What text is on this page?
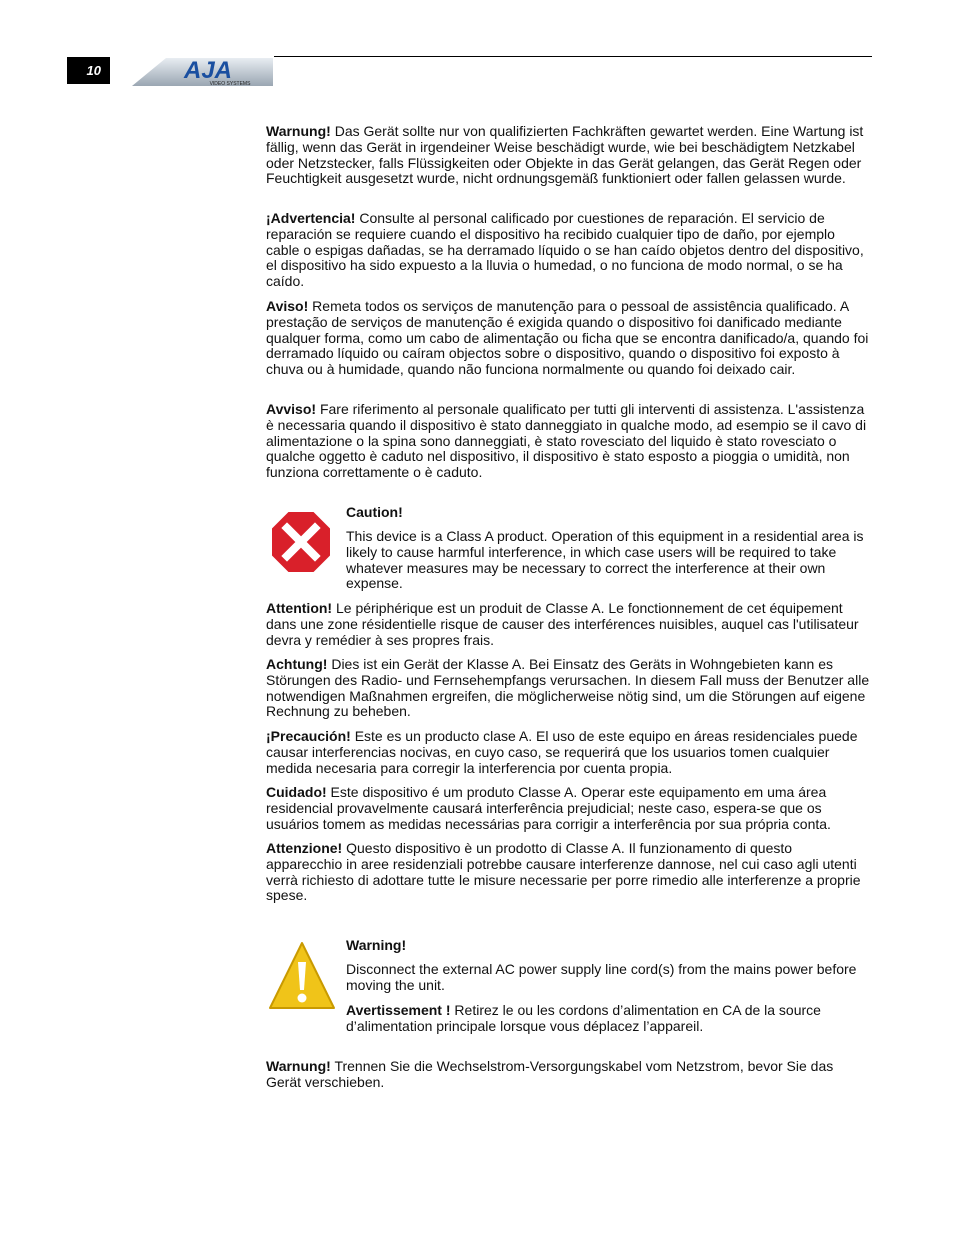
10	AJA
VIDEO SYSTEMS

Warnung! Das Gerät sollte nur von qualifizierten Fachkräften gewartet werden. Eine Wartung ist fällig, wenn das Gerät in irgendeiner Weise beschädigt wurde, wie bei beschädigtem Netzkabel oder Netzstecker, falls Flüssigkeiten oder Objekte in das Gerät gelangen, das Gerät Regen oder Feuchtigkeit ausgesetzt wurde, nicht ordnungsgemäß funktioniert oder fallen gelassen wurde.

¡Advertencia! Consulte al personal calificado por cuestiones de reparación. El servicio de reparación se requiere cuando el dispositivo ha recibido cualquier tipo de daño, por ejemplo cable o espigas dañadas, se ha derramado líquido o se han caído objetos dentro del dispositivo, el dispositivo ha sido expuesto a la lluvia o humedad, o no funciona de modo normal, o se ha caído.

Aviso! Remeta todos os serviços de manutenção para o pessoal de assistência qualificado. A prestação de serviços de manutenção é exigida quando o dispositivo foi danificado mediante qualquer forma, como um cabo de alimentação ou ficha que se encontra danificado/a, quando foi derramado líquido ou caíram objectos sobre o dispositivo, quando o dispositivo foi exposto à chuva ou à humidade, quando não funciona normalmente ou quando foi deixado cair.

Avviso! Fare riferimento al personale qualificato per tutti gli interventi di assistenza. L'assistenza è necessaria quando il dispositivo è stato danneggiato in qualche modo, ad esempio se il cavo di alimentazione o la spina sono danneggiati, è stato rovesciato del liquido è stato rovesciato o qualche oggetto è caduto nel dispositivo, il dispositivo è stato esposto a pioggia o umidità, non funziona correttamente o è caduto.

Caution!

This device is a Class A product. Operation of this equipment in a residential area is likely to cause harmful interference, in which case users will be required to take whatever measures may be necessary to correct the interference at their own expense.

Attention! Le périphérique est un produit de Classe A. Le fonctionnement de cet équipement dans une zone résidentielle risque de causer des interférences nuisibles, auquel cas l'utilisateur devra y remédier à ses propres frais.

Achtung! Dies ist ein Gerät der Klasse A. Bei Einsatz des Geräts in Wohngebieten kann es Störungen des Radio- und Fernsehempfangs verursachen. In diesem Fall muss der Benutzer alle notwendigen Maßnahmen ergreifen, die möglicherweise nötig sind, um die Störungen auf eigene Rechnung zu beheben.

¡Precaución! Este es un producto clase A. El uso de este equipo en áreas residenciales puede causar interferencias nocivas, en cuyo caso, se requerirá que los usuarios tomen cualquier medida necesaria para corregir la interferencia por cuenta propia.

Cuidado! Este dispositivo é um produto Classe A. Operar este equipamento em uma área residencial provavelmente causará interferência prejudicial; neste caso, espera-se que os usuários tomem as medidas necessárias para corrigir a interferência por sua própria conta.

Attenzione! Questo dispositivo è un prodotto di Classe A. Il funzionamento di questo apparecchio in aree residenziali potrebbe causare interferenze dannose, nel cui caso agli utenti verrà richiesto di adottare tutte le misure necessarie per porre rimedio alle interferenze a proprie spese.

Warning!

Disconnect the external AC power supply line cord(s) from the mains power before moving the unit.

Avertissement ! Retirez le ou les cordons d’alimentation en CA de la source d’alimentation principale lorsque vous déplacez l’appareil.

Warnung! Trennen Sie die Wechselstrom-Versorgungskabel vom Netzstrom, bevor Sie das Gerät verschieben.
